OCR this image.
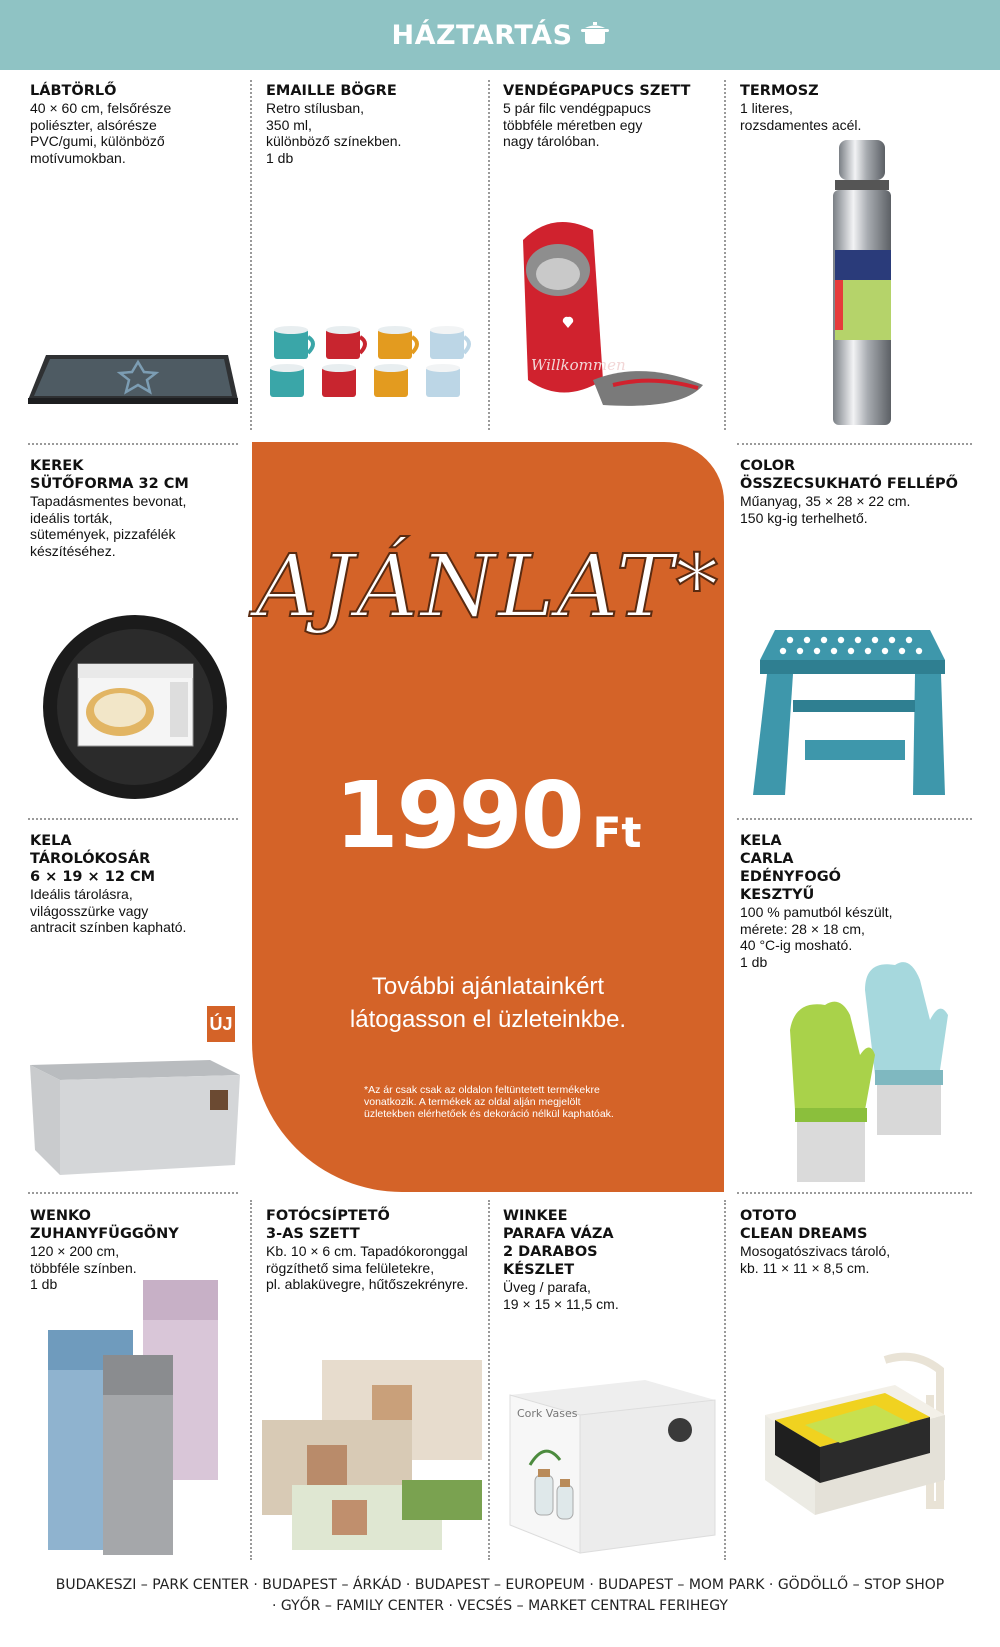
HÁZTARTÁS
LÁBTÖRLŐ

40 × 60 cm, felsőrésze

poliészter, alsórésze

PVC/gumi, különböző

motívumokban.

EMAILLE BÖGRE

Retro stílusban,

350 ml,

különböző színekben.

1 db

VENDÉGPAPUCS SZETT

5 pár filc vendégpapucs

többféle méretben egy

nagy tárolóban.

Willkommen
TERMOSZ

1 literes,

rozsdamentes acél.

KEREK
SÜTŐFORMA 32 CM

Tapadásmentes bevonat,

ideális torták,

sütemények, pizzafélék

készítéséhez.

COLOR
ÖSSZECSUKHATÓ FELLÉPŐ

Műanyag, 35 × 28 × 22 cm.

150 kg-ig terhelhető.

KELA
TÁROLÓKOSÁR
6 × 19 × 12 CM

Ideális tárolásra,

világosszürke vagy

antracit színben kapható.

ÚJ
KELA
CARLA
EDÉNYFOGÓ
KESZTYŰ

100 % pamutból készült,

mérete: 28 × 18 cm,

40 °C-ig mosható.

1 db

AJÁNLAT*
1990 Ft
További ajánlatainkért
látogasson el üzleteinkbe.
*Az ár csak csak az oldalon feltüntetett termékekre
vonatkozik. A termékek az oldal alján megjelölt
üzletekben elérhetőek és dekoráció nélkül kaphatóak.
WENKO
ZUHANYFÜGGÖNY

120 × 200 cm,

többféle színben.

1 db

FOTÓCSÍPTETŐ
3-AS SZETT

Kb. 10 × 6 cm. Tapadókoronggal

rögzíthető sima felületekre,

pl. ablaküvegre, hűtőszekrényre.

WINKEE
PARAFA VÁZA
2 DARABOS
KÉSZLET

Üveg / parafa,

19 × 15 × 11,5 cm.

Cork Vases
OTOTO
CLEAN DREAMS

Mosogatószivacs tároló,

kb. 11 × 11 × 8,5 cm.

BUDAKESZI – PARK CENTER · BUDAPEST – ÁRKÁD · BUDAPEST – EUROPEUM · BUDAPEST – MOM PARK · GÖDÖLLŐ – STOP SHOP
· GYŐR – FAMILY CENTER · VECSÉS – MARKET CENTRAL FERIHEGY
